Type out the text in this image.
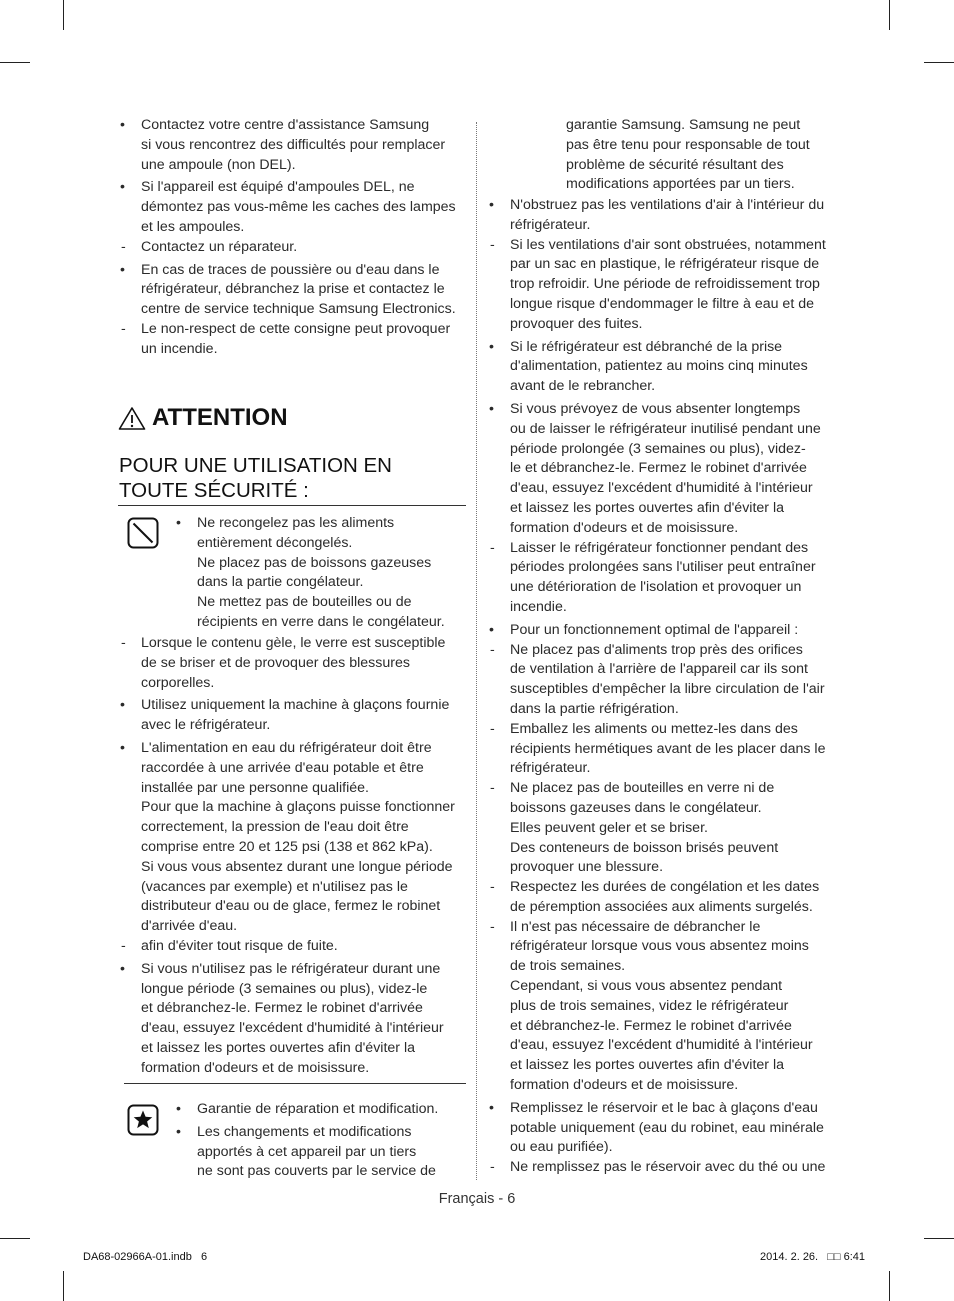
•	Contactez votre centre d'assistance Samsung
si vous rencontrez des difficultés pour remplacer
une ampoule (non DEL).
•	Si l'appareil est équipé d'ampoules DEL, ne
démontez pas vous-même les caches des lampes
et les ampoules.
-	Contactez un réparateur.
•	En cas de traces de poussière ou d'eau dans le
réfrigérateur, débranchez la prise et contactez le
centre de service technique Samsung Electronics.
-	Le non-respect de cette consigne peut provoquer
un incendie.
ATTENTION
POUR UNE UTILISATION EN
TOUTE SÉCURITÉ :
•	Ne recongelez pas les aliments
entièrement décongelés.
Ne placez pas de boissons gazeuses
dans la partie congélateur.
Ne mettez pas de bouteilles ou de
récipients en verre dans le congélateur.
-	Lorsque le contenu gèle, le verre est susceptible
de se briser et de provoquer des blessures
corporelles.
•	Utilisez uniquement la machine à glaçons fournie
avec le réfrigérateur.
•	L'alimentation en eau du réfrigérateur doit être
raccordée à une arrivée d'eau potable et être
installée par une personne qualifiée.
Pour que la machine à glaçons puisse fonctionner
correctement, la pression de l'eau doit être
comprise entre 20 et 125 psi (138 et 862 kPa).
Si vous vous absentez durant une longue période
(vacances par exemple) et n'utilisez pas le
distributeur d'eau ou de glace, fermez le robinet
d'arrivée d'eau.
-	afin d'éviter tout risque de fuite.
•	Si vous n'utilisez pas le réfrigérateur durant une
longue période (3 semaines ou plus), videz-le
et débranchez-le. Fermez le robinet d'arrivée
d'eau, essuyez l'excédent d'humidité à l'intérieur
et laissez les portes ouvertes afin d'éviter la
formation d'odeurs et de moisissure.
•	Garantie de réparation et modification.
•	Les changements et modifications
apportés à cet appareil par un tiers
ne sont pas couverts par le service de
garantie Samsung. Samsung ne peut
pas être tenu pour responsable de tout
problème de sécurité résultant des
modifications apportées par un tiers.
•	N'obstruez pas les ventilations d'air à l'intérieur du
réfrigérateur.
-	Si les ventilations d'air sont obstruées, notamment
par un sac en plastique, le réfrigérateur risque de
trop refroidir. Une période de refroidissement trop
longue risque d'endommager le filtre à eau et de
provoquer des fuites.
•	Si le réfrigérateur est débranché de la prise
d'alimentation, patientez au moins cinq minutes
avant de le rebrancher.
•	Si vous prévoyez de vous absenter longtemps
ou de laisser le réfrigérateur inutilisé pendant une
période prolongée (3 semaines ou plus), videz-
le et débranchez-le. Fermez le robinet d'arrivée
d'eau, essuyez l'excédent d'humidité à l'intérieur
et laissez les portes ouvertes afin d'éviter la
formation d'odeurs et de moisissure.
-	Laisser le réfrigérateur fonctionner pendant des
périodes prolongées sans l'utiliser peut entraîner
une détérioration de l'isolation et provoquer un
incendie.
•	Pour un fonctionnement optimal de l'appareil :
-	Ne placez pas d'aliments trop près des orifices
de ventilation à l'arrière de l'appareil car ils sont
susceptibles d'empêcher la libre circulation de l'air
dans la partie réfrigération.
-	Emballez les aliments ou mettez-les dans des
récipients hermétiques avant de les placer dans le
réfrigérateur.
-	Ne placez pas de bouteilles en verre ni de
boissons gazeuses dans le congélateur.
Elles peuvent geler et se briser.
Des conteneurs de boisson brisés peuvent
provoquer une blessure.
-	Respectez les durées de congélation et les dates
de péremption associées aux aliments surgelés.
-	Il n'est pas nécessaire de débrancher le
réfrigérateur lorsque vous vous absentez moins
de trois semaines.
Cependant, si vous vous absentez pendant
plus de trois semaines, videz le réfrigérateur
et débranchez-le. Fermez le robinet d'arrivée
d'eau, essuyez l'excédent d'humidité à l'intérieur
et laissez les portes ouvertes afin d'éviter la
formation d'odeurs et de moisissure.
•	Remplissez le réservoir et le bac à glaçons d'eau
potable uniquement (eau du robinet, eau minérale
ou eau purifiée).
-	Ne remplissez pas le réservoir avec du thé ou une
Français - 6
DA68-02966A-01.indb   6	2014. 2. 26.   □□ 6:41
